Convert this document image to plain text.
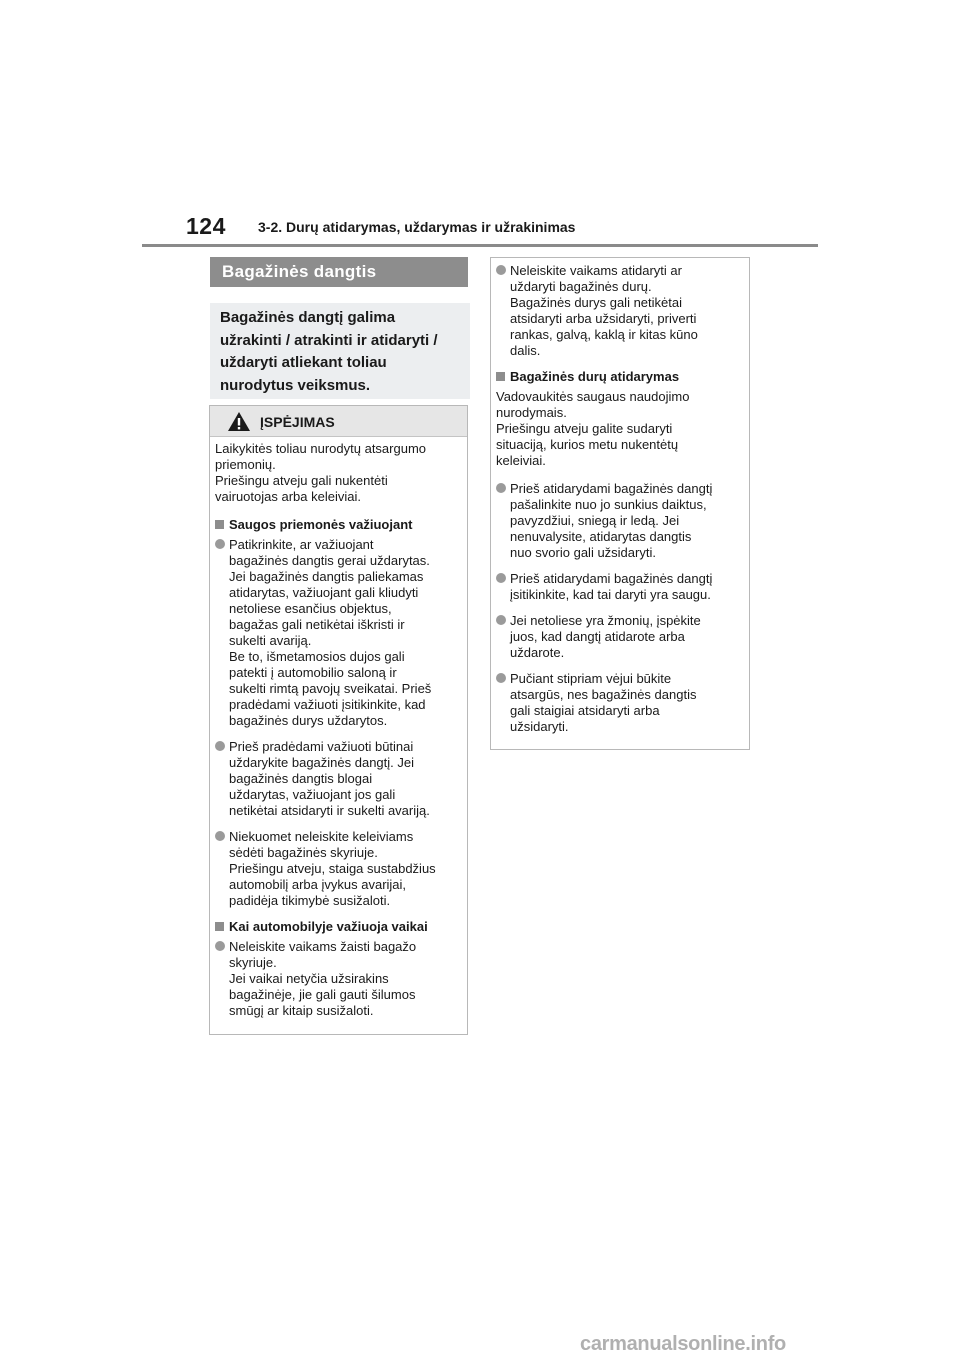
124 3-2. Durų atidarymas, uždarymas ir užrakinimas
Bagažinės dangtis
Bagažinės dangtį galima užrakinti / atrakinti ir atidaryti / uždaryti atliekant toliau nurodytus veiksmus.
ĮSPĖJIMAS

Laikykitės toliau nurodytų atsargumo
priemonių.
Priešingu atveju gali nukentėti
vairuotojas arba keleiviai.

Saugos priemonės važiuojant
Patikrinkite, ar važiuojant
bagažinės dangtis gerai uždarytas.
Jei bagažinės dangtis paliekamas
atidarytas, važiuojant gali kliudyti
netoliese esančius objektus,
bagažas gali netikėtai iškristi ir
sukelti avariją.
Be to, išmetamosios dujos gali
patekti į automobilio saloną ir
sukelti rimtą pavojų sveikatai. Prieš
pradėdami važiuoti įsitikinkite, kad
bagažinės durys uždarytos.
Prieš pradėdami važiuoti būtinai
uždarykite bagažinės dangtį. Jei
bagažinės dangtis blogai
uždarytas, važiuojant jos gali
netikėtai atsidaryti ir sukelti avariją.
Niekuomet neleiskite keleiviams
sėdėti bagažinės skyriuje.
Priešingu atveju, staiga sustabdžius
automobilį arba įvykus avarijai,
padidėja tikimybė susižaloti.
Kai automobilyje važiuoja vaikai
Neleiskite vaikams žaisti bagažo
skyriuje.
Jei vaikai netyčia užsirakins
bagažinėje, jie gali gauti šilumos
smūgį ar kitaip susižaloti.
Neleiskite vaikams atidaryti ar
uždaryti bagažinės durų.
Bagažinės durys gali netikėtai
atsidaryti arba užsidaryti, priverti
rankas, galvą, kaklą ir kitas kūno
dalis.
Bagažinės durų atidarymas

Vadovaukitės saugaus naudojimo
nurodymais.
Priešingu atveju galite sudaryti
situaciją, kurios metu nukentėtų
keleiviai.

Prieš atidarydami bagažinės dangtį
pašalinkite nuo jo sunkius daiktus,
pavyzdžiui, sniegą ir ledą. Jei
nenuvalysite, atidarytas dangtis
nuo svorio gali užsidaryti.
Prieš atidarydami bagažinės dangtį
įsitikinkite, kad tai daryti yra saugu.
Jei netoliese yra žmonių, įspėkite
juos, kad dangtį atidarote arba
uždarote.
Pučiant stipriam vėjui būkite
atsargūs, nes bagažinės dangtis
gali staigiai atsidaryti arba
užsidaryti.
carmanualsonline.info
